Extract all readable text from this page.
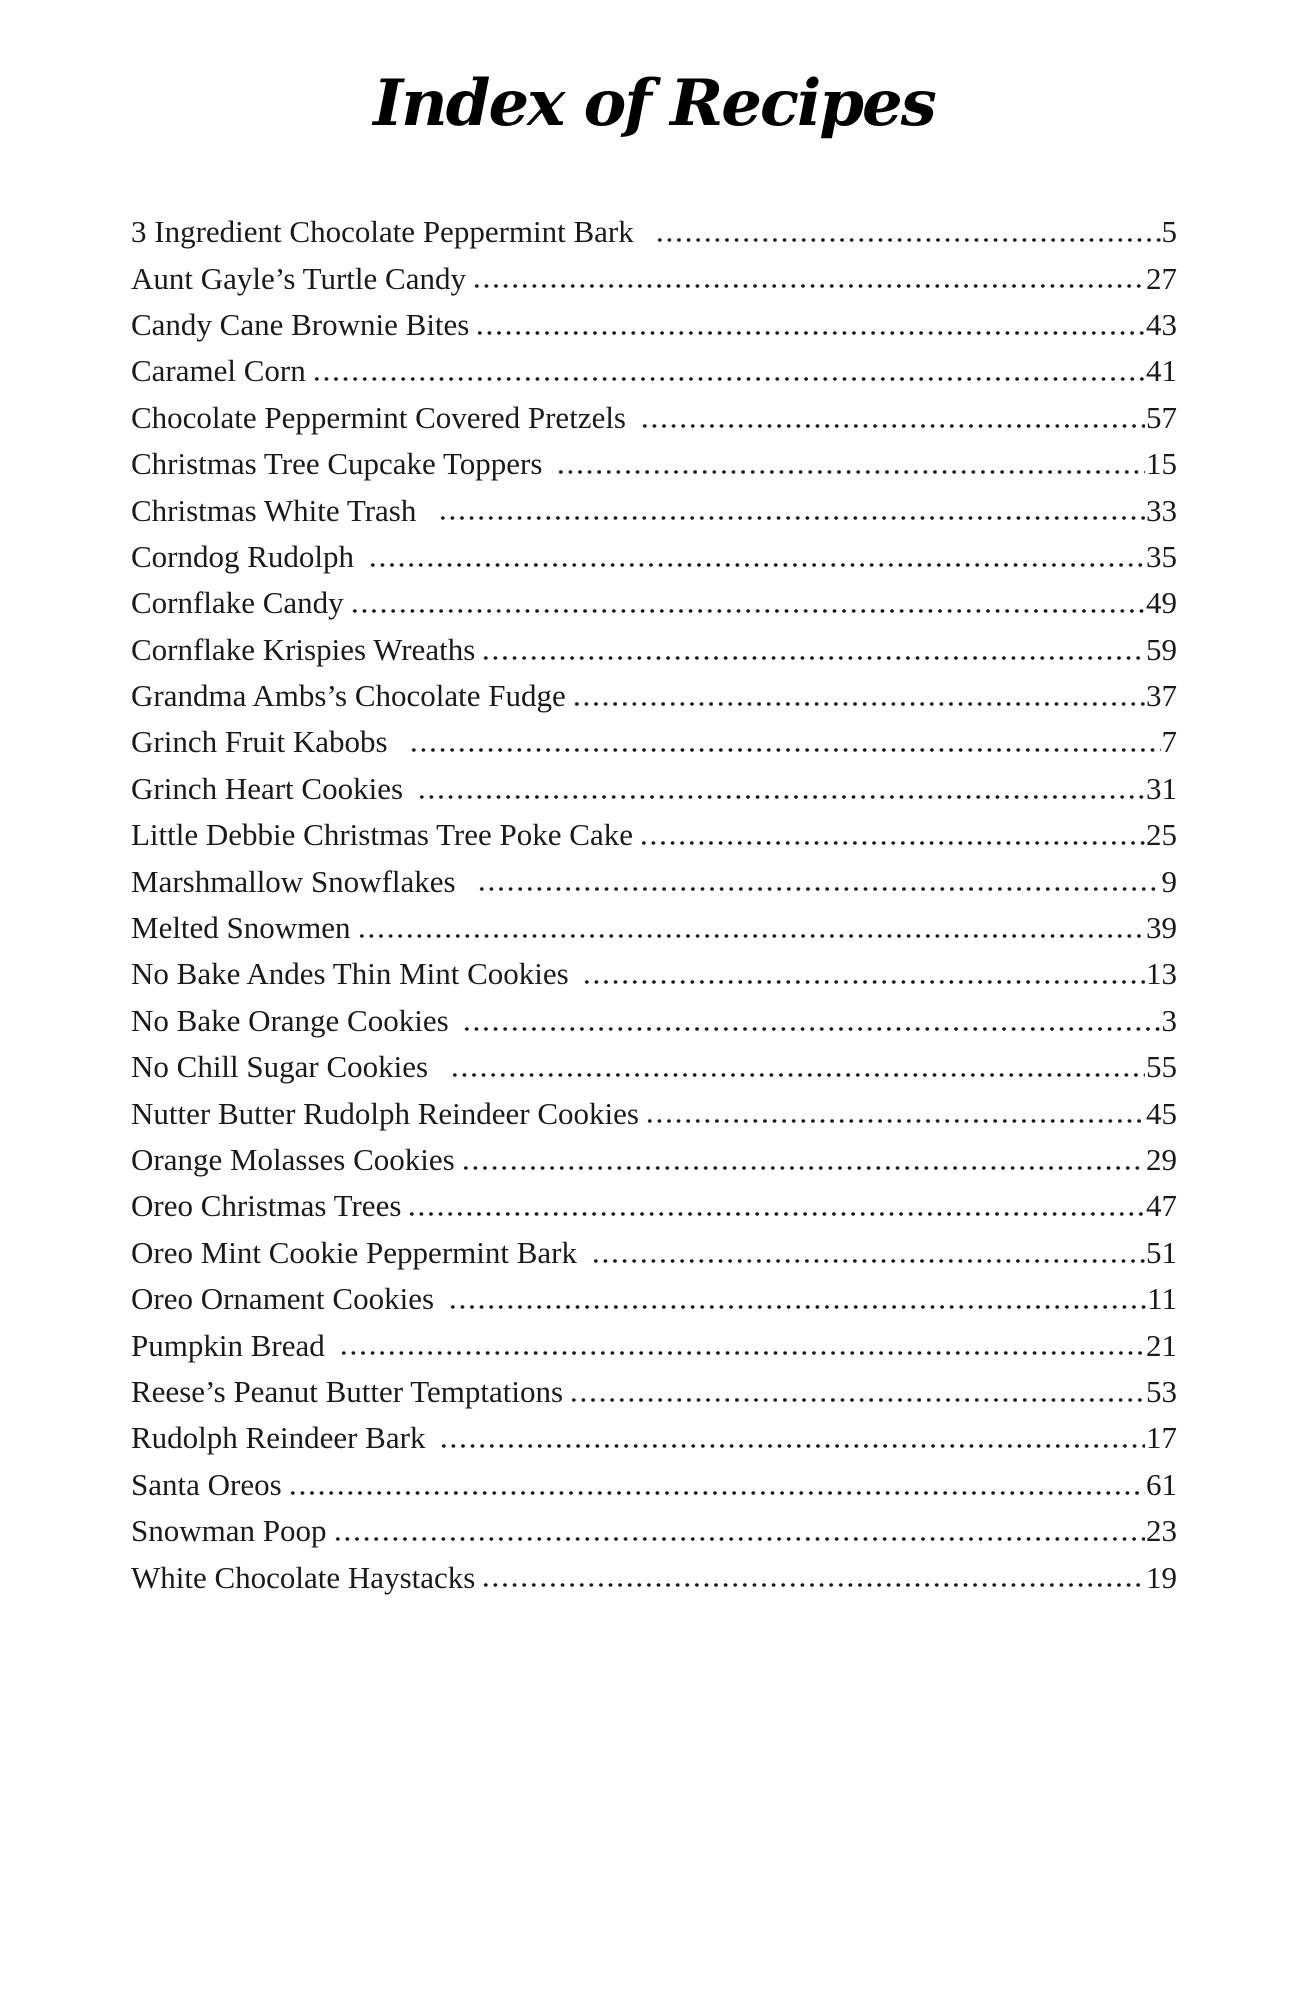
Index of Recipes
3 Ingredient Chocolate Peppermint Bark	5
Aunt Gayle’s Turtle Candy	27
Candy Cane Brownie Bites	43
Caramel Corn	41
Chocolate Peppermint Covered Pretzels	57
Christmas Tree Cupcake Toppers	15
Christmas White Trash	33
Corndog Rudolph	35
Cornflake Candy	49
Cornflake Krispies Wreaths	59
Grandma Ambs’s Chocolate Fudge	37
Grinch Fruit Kabobs	7
Grinch Heart Cookies	31
Little Debbie Christmas Tree Poke Cake	25
Marshmallow Snowflakes	9
Melted Snowmen	39
No Bake Andes Thin Mint Cookies	13
No Bake Orange Cookies	3
No Chill Sugar Cookies	55
Nutter Butter Rudolph Reindeer Cookies	45
Orange Molasses Cookies	29
Oreo Christmas Trees	47
Oreo Mint Cookie Peppermint Bark	51
Oreo Ornament Cookies	11
Pumpkin Bread	21
Reese’s Peanut Butter Temptations	53
Rudolph Reindeer Bark	17
Santa Oreos	61
Snowman Poop	23
White Chocolate Haystacks	19
